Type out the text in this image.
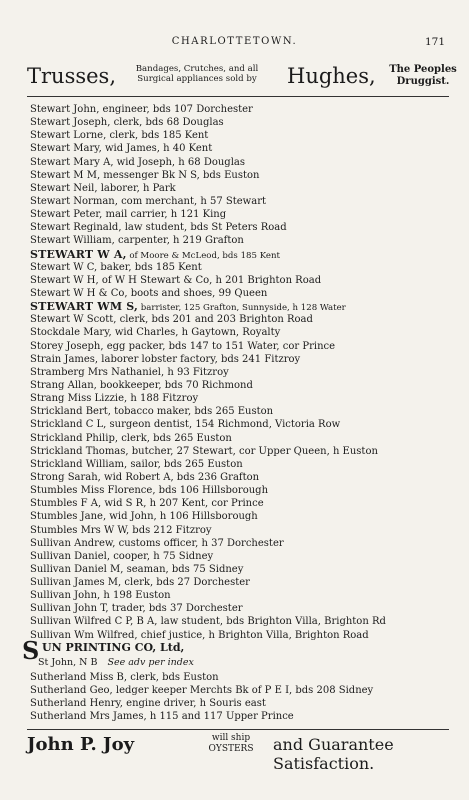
CHARLOTTETOWN.	171
Trusses,	Bandages, Crutches, and all
Surgical appliances sold by	Hughes, The Peoples
Druggist.
Stewart John, engineer, bds 107 Dorchester
Stewart Joseph, clerk, bds 68 Douglas
Stewart Lorne, clerk, bds 185 Kent
Stewart Mary, wid James, h 40 Kent
Stewart Mary A, wid Joseph, h 68 Douglas
Stewart M M, messenger Bk N S, bds Euston
Stewart Neil, laborer, h Park
Stewart Norman, com merchant, h 57 Stewart
Stewart Peter, mail carrier, h 121 King
Stewart Reginald, law student, bds St Peters Road
Stewart William, carpenter, h 219 Grafton
STEWART W A, of Moore & McLeod, bds 185 Kent
Stewart W C, baker, bds 185 Kent
Stewart W H, of W H Stewart & Co, h 201 Brighton Road
Stewart W H & Co, boots and shoes, 99 Queen
STEWART WM S, barrister, 125 Grafton, Sunnyside, h 128 Water
Stewart W Scott, clerk, bds 201 and 203 Brighton Road
Stockdale Mary, wid Charles, h Gaytown, Royalty
Storey Joseph, egg packer, bds 147 to 151 Water, cor Prince
Strain James, laborer lobster factory, bds 241 Fitzroy
Stramberg Mrs Nathaniel, h 93 Fitzroy
Strang Allan, bookkeeper, bds 70 Richmond
Strang Miss Lizzie, h 188 Fitzroy
Strickland Bert, tobacco maker, bds 265 Euston
Strickland C L, surgeon dentist, 154 Richmond, Victoria Row
Strickland Philip, clerk, bds 265 Euston
Strickland Thomas, butcher, 27 Stewart, cor Upper Queen, h Euston
Strickland William, sailor, bds 265 Euston
Strong Sarah, wid Robert A, bds 236 Grafton
Stumbles Miss Florence, bds 106 Hillsborough
Stumbles F A, wid S R, h 207 Kent, cor Prince
Stumbles Jane, wid John, h 106 Hillsborough
Stumbles Mrs W W, bds 212 Fitzroy
Sullivan Andrew, customs officer, h 37 Dorchester
Sullivan Daniel, cooper, h 75 Sidney
Sullivan Daniel M, seaman, bds 75 Sidney
Sullivan James M, clerk, bds 27 Dorchester
Sullivan John, h 198 Euston
Sullivan John T, trader, bds 37 Dorchester
Sullivan Wilfred C P, B A, law student, bds Brighton Villa, Brighton Rd
Sullivan Wm Wilfred, chief justice, h Brighton Villa, Brighton Road
S UN PRINTING CO, Ltd,
St John, N B See adv per index
Sutherland Miss B, clerk, bds Euston
Sutherland Geo, ledger keeper Merchts Bk of P E I, bds 208 Sidney
Sutherland Henry, engine driver, h Souris east
Sutherland Mrs James, h 115 and 117 Upper Prince
John P. Joy	will ship
OYSTERS	and Guarantee Satisfaction.
